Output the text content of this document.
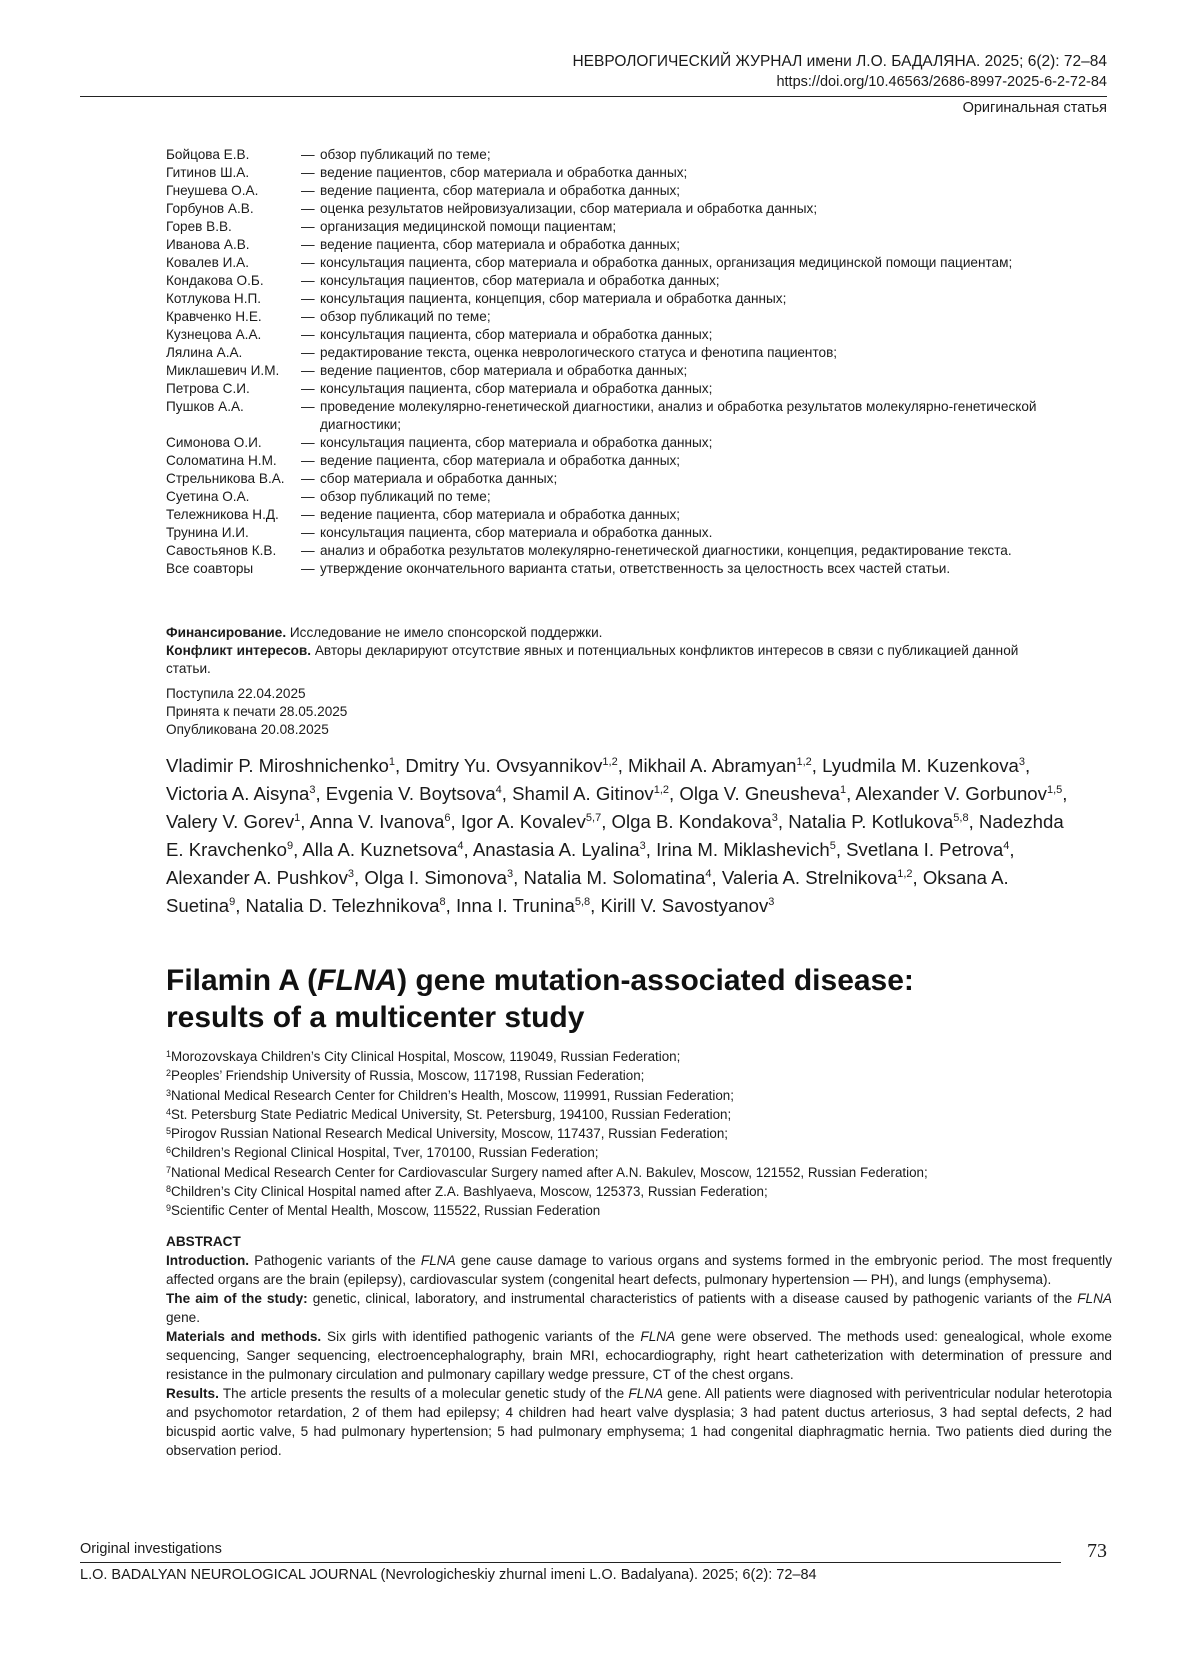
НЕВРОЛОГИЧЕСКИЙ ЖУРНАЛ имени Л.О. БАДАЛЯНА. 2025; 6(2): 72–84
https://doi.org/10.46563/2686-8997-2025-6-2-72-84
Оригинальная статья
Бойцова Е.В.	— обзор публикаций по теме;
Гитинов Ш.А.	— ведение пациентов, сбор материала и обработка данных;
Гнеушева О.А.	— ведение пациента, сбор материала и обработка данных;
Горбунов А.В.	— оценка результатов нейровизуализации, сбор материала и обработка данных;
Горев В.В.	— организация медицинской помощи пациентам;
Иванова А.В.	— ведение пациента, сбор материала и обработка данных;
Ковалев И.А.	— консультация пациента, сбор материала и обработка данных, организация медицинской помощи пациентам;
Кондакова О.Б.	— консультация пациентов, сбор материала и обработка данных;
Котлукова Н.П.	— консультация пациента, концепция, сбор материала и обработка данных;
Кравченко Н.Е.	— обзор публикаций по теме;
Кузнецова А.А.	— консультация пациента, сбор материала и обработка данных;
Лялина А.А.	— редактирование текста, оценка неврологического статуса и фенотипа пациентов;
Миклашевич И.М.	— ведение пациентов, сбор материала и обработка данных;
Петрова С.И.	— консультация пациента, сбор материала и обработка данных;
Пушков А.А.	— проведение молекулярно-генетической диагностики, анализ и обработка результатов молекулярно-генетической диагностики;
Симонова О.И.	— консультация пациента, сбор материала и обработка данных;
Соломатина Н.М.	— ведение пациента, сбор материала и обработка данных;
Стрельникова В.А.	— сбор материала и обработка данных;
Суетина О.А.	— обзор публикаций по теме;
Тележникова Н.Д.	— ведение пациента, сбор материала и обработка данных;
Трунина И.И.	— консультация пациента, сбор материала и обработка данных.
Савостьянов К.В.	— анализ и обработка результатов молекулярно-генетической диагностики, концепция, редактирование текста.
Все соавторы	— утверждение окончательного варианта статьи, ответственность за целостность всех частей статьи.
Финансирование. Исследование не имело спонсорской поддержки.
Конфликт интересов. Авторы декларируют отсутствие явных и потенциальных конфликтов интересов в связи с публикацией данной статьи.
Поступила 22.04.2025
Принята к печати 28.05.2025
Опубликована 20.08.2025
Vladimir P. Miroshnichenko$^1$, Dmitry Yu. Ovsyannikov$^{1,2}$, Mikhail A. Abramyan$^{1,2}$, Lyudmila M. Kuzenkova$^3$, Victoria A. Aisyna$^3$, Evgenia V. Boytsova$^4$, Shamil A. Gitinov$^{1,2}$, Olga V. Gneusheva$^1$, Alexander V. Gorbunov$^{1,5}$, Valery V. Gorev$^1$, Anna V. Ivanova$^6$, Igor A. Kovalev$^{5,7}$, Olga B. Kondakova$^3$, Natalia P. Kotlukova$^{5,8}$, Nadezhda E. Kravchenko$^9$, Alla A. Kuznetsova$^4$, Anastasia A. Lyalina$^3$, Irina M. Miklashevich$^5$, Svetlana I. Petrova$^4$, Alexander A. Pushkov$^3$, Olga I. Simonova$^3$, Natalia M. Solomatina$^4$, Valeria A. Strelnikova$^{1,2}$, Oksana A. Suetina$^9$, Natalia D. Telezhnikova$^8$, Inna I. Trunina$^{5,8}$, Kirill V. Savostyanov$^3$
Filamin A (FLNA) gene mutation-associated disease:
results of a multicenter study
$^1$Morozovskaya Children’s City Clinical Hospital, Moscow, 119049, Russian Federation;
$^2$Peoples’ Friendship University of Russia, Moscow, 117198, Russian Federation;
$^3$National Medical Research Center for Children’s Health, Moscow, 119991, Russian Federation;
$^4$St. Petersburg State Pediatric Medical University, St. Petersburg, 194100, Russian Federation;
$^5$Pirogov Russian National Research Medical University, Moscow, 117437, Russian Federation;
$^6$Children’s Regional Clinical Hospital, Tver, 170100, Russian Federation;
$^7$National Medical Research Center for Cardiovascular Surgery named after A.N. Bakulev, Moscow, 121552, Russian Federation;
$^8$Children’s City Clinical Hospital named after Z.A. Bashlyaeva, Moscow, 125373, Russian Federation;
$^9$Scientific Center of Mental Health, Moscow, 115522, Russian Federation

ABSTRACT

Introduction. Pathogenic variants of the FLNA gene cause damage to various organs and systems formed in the embryonic period. The most frequently affected organs are the brain (epilepsy), cardiovascular system (congenital heart defects, pulmonary hypertension — PH), and lungs (emphysema).

The aim of the study: genetic, clinical, laboratory, and instrumental characteristics of patients with a disease caused by pathogenic variants of the FLNA gene.

Materials and methods. Six girls with identified pathogenic variants of the FLNA gene were observed. The methods used: genealogical, whole exome sequencing, Sanger sequencing, electroencephalography, brain MRI, echocardiography, right heart catheterization with determination of pressure and resistance in the pulmonary circulation and pulmonary capillary wedge pressure, CT of the chest organs.

Results. The article presents the results of a molecular genetic study of the FLNA gene. All patients were diagnosed with periventricular nodular heterotopia and psychomotor retardation, 2 of them had epilepsy; 4 children had heart valve dysplasia; 3 had patent ductus arteriosus, 3 had septal defects, 2 had bicuspid aortic valve, 5 had pulmonary hypertension; 5 had pulmonary emphysema; 1 had congenital diaphragmatic hernia. Two patients died during the observation period.

Original investigations	73
L.O. BADALYAN NEUROLOGICAL JOURNAL (Nevrologicheskiy zhurnal imeni L.O. Badalyana). 2025; 6(2): 72–84
